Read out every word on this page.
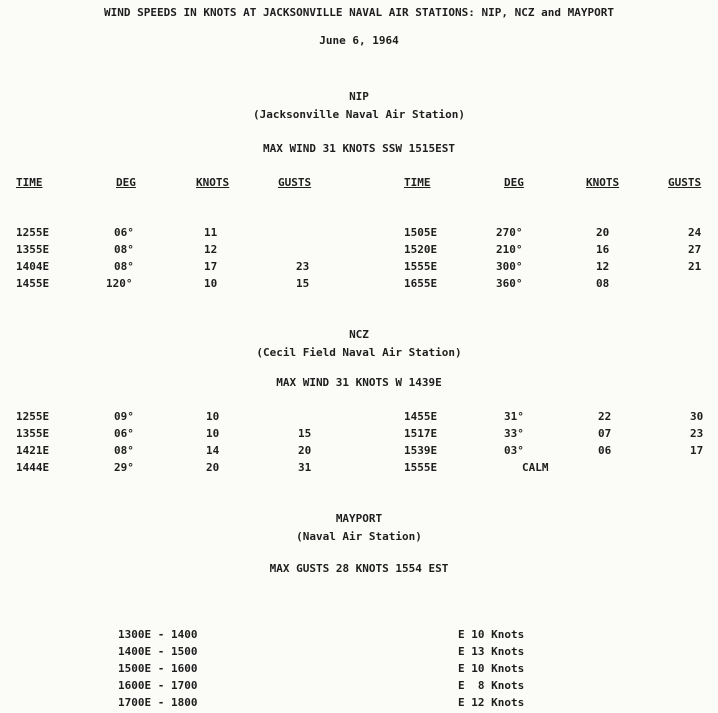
WIND SPEEDS IN KNOTS AT JACKSONVILLE NAVAL AIR STATIONS: NIP, NCZ and MAYPORT
June 6, 1964
NIP
(Jacksonville Naval Air Station)
MAX WIND 31 KNOTS SSW 1515EST
TIME	DEG	KNOTS	GUSTS	TIME	DEG	KNOTS	GUSTS
1255E	06°	11
1355E	08°	12
1404E	08°	17	23
1455E	120°	10	15
1505E	270°	20	24
1520E	210°	16	27
1555E	300°	12	21
1655E	360°	08
NCZ
(Cecil Field Naval Air Station)
MAX WIND 31 KNOTS W 1439E
1255E	09°	10
1355E	06°	10	15
1421E	08°	14	20
1444E	29°	20	31
1455E	31°	22	30
1517E	33°	07	23
1539E	03°	06	17
1555E	CALM
MAYPORT
(Naval Air Station)
MAX GUSTS 28 KNOTS 1554 EST
1300E - 1400	E 10 Knots
1400E - 1500	E 13 Knots
1500E - 1600	E 10 Knots
1600E - 1700	E  8 Knots
1700E - 1800	E 12 Knots
